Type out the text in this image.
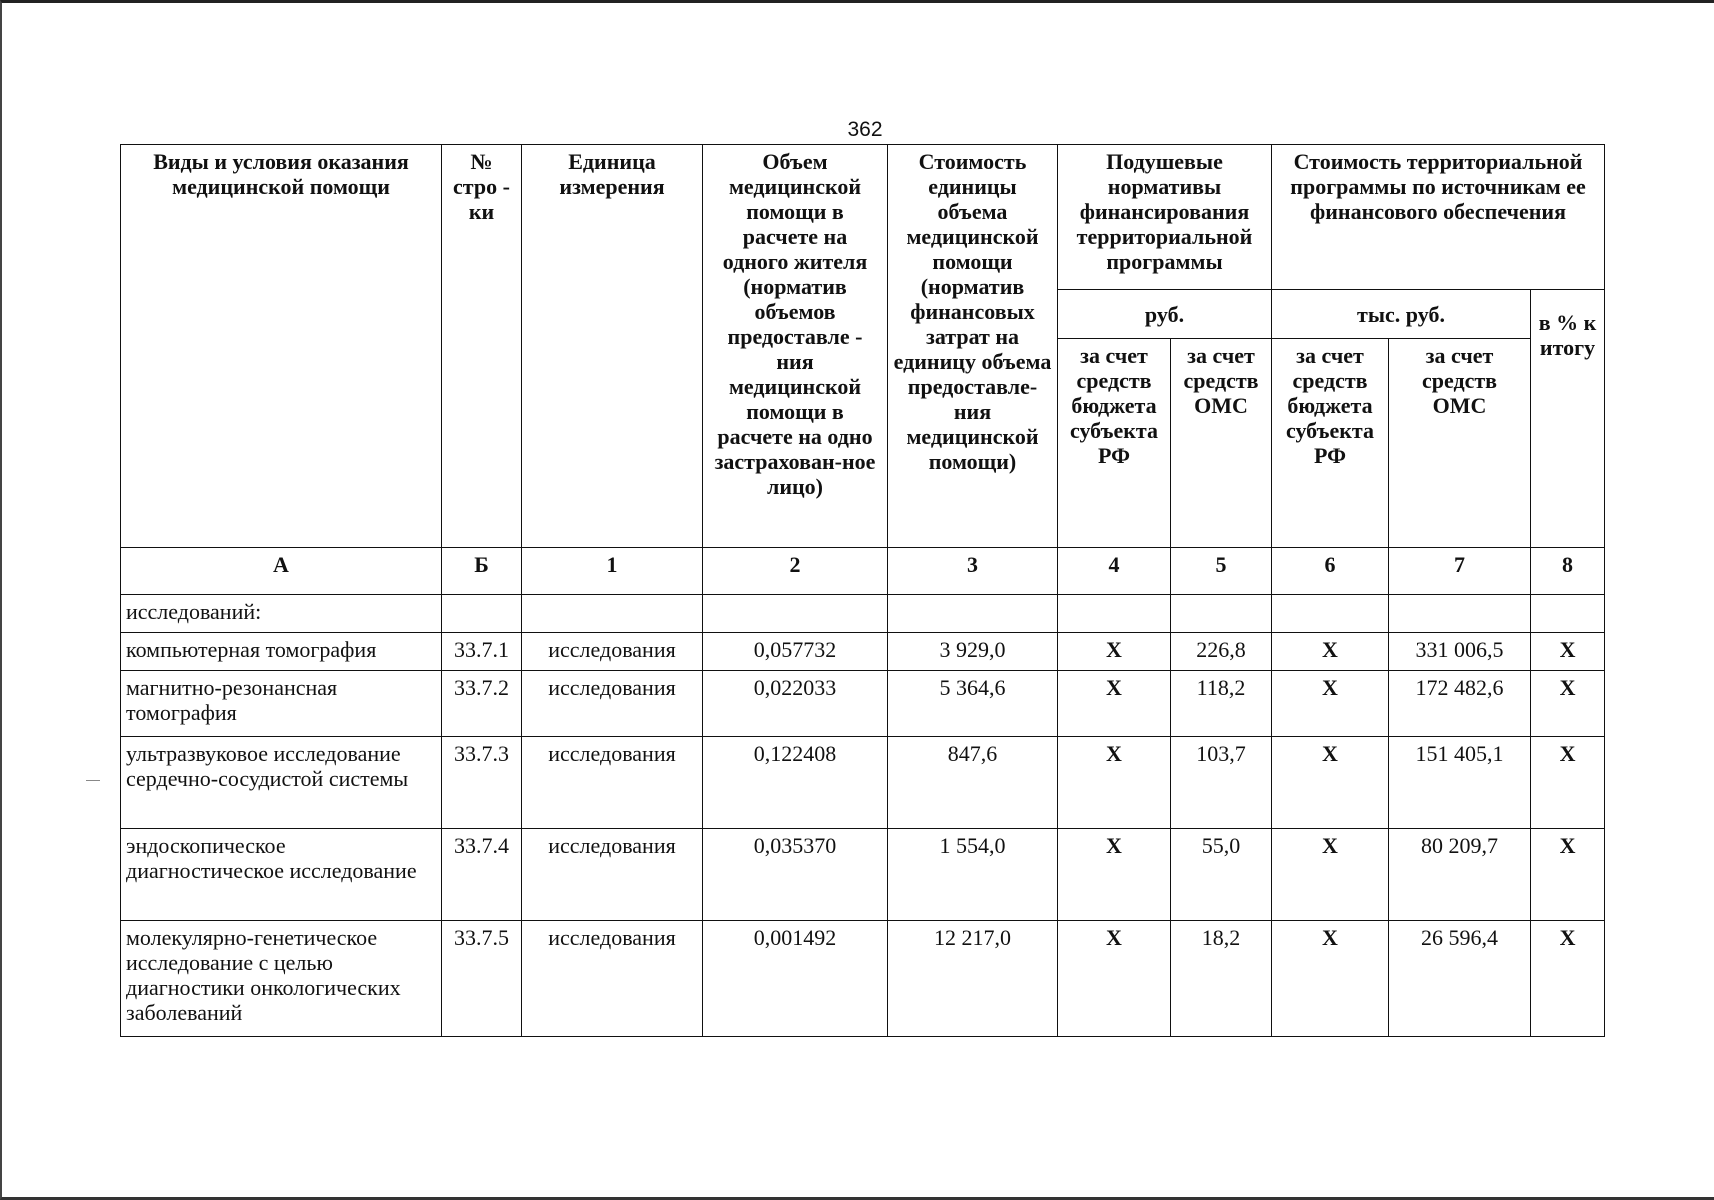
362
Виды и условия оказания медицинской помощи	№ стро - ки	Единица измерения	Объем медицинской помощи в расчете на одного жителя (норматив объемов предоставле - ния медицинской помощи в расчете на одно застрахован-ное лицо)	Стоимость единицы объема медицинской помощи (норматив финансовых затрат на единицу объема предоставле-ния медицинской помощи)	Подушевые нормативы финансирования территориальной программы		Стоимость территориальной программы по источникам ее финансового обеспечения		
					руб.		тыс. руб.		в % к итогу
					за счет средств бюджета субъекта РФ	за счет средств ОМС	за счет средств бюджета субъекта РФ	за счет средств ОМС	
А	Б	1	2	3	4	5	6	7	8
исследований:									
компьютерная томография	33.7.1	исследования	0,057732	3 929,0	Х	226,8	Х	331 006,5	Х
магнитно-резонансная томография	33.7.2	исследования	0,022033	5 364,6	Х	118,2	Х	172 482,6	Х
ультразвуковое исследование сердечно-сосудистой системы	33.7.3	исследования	0,122408	847,6	Х	103,7	Х	151 405,1	Х
эндоскопическое диагностическое исследование	33.7.4	исследования	0,035370	1 554,0	Х	55,0	Х	80 209,7	Х
молекулярно-генетическое исследование с целью диагностики онкологических заболеваний	33.7.5	исследования	0,001492	12 217,0	Х	18,2	Х	26 596,4	Х
